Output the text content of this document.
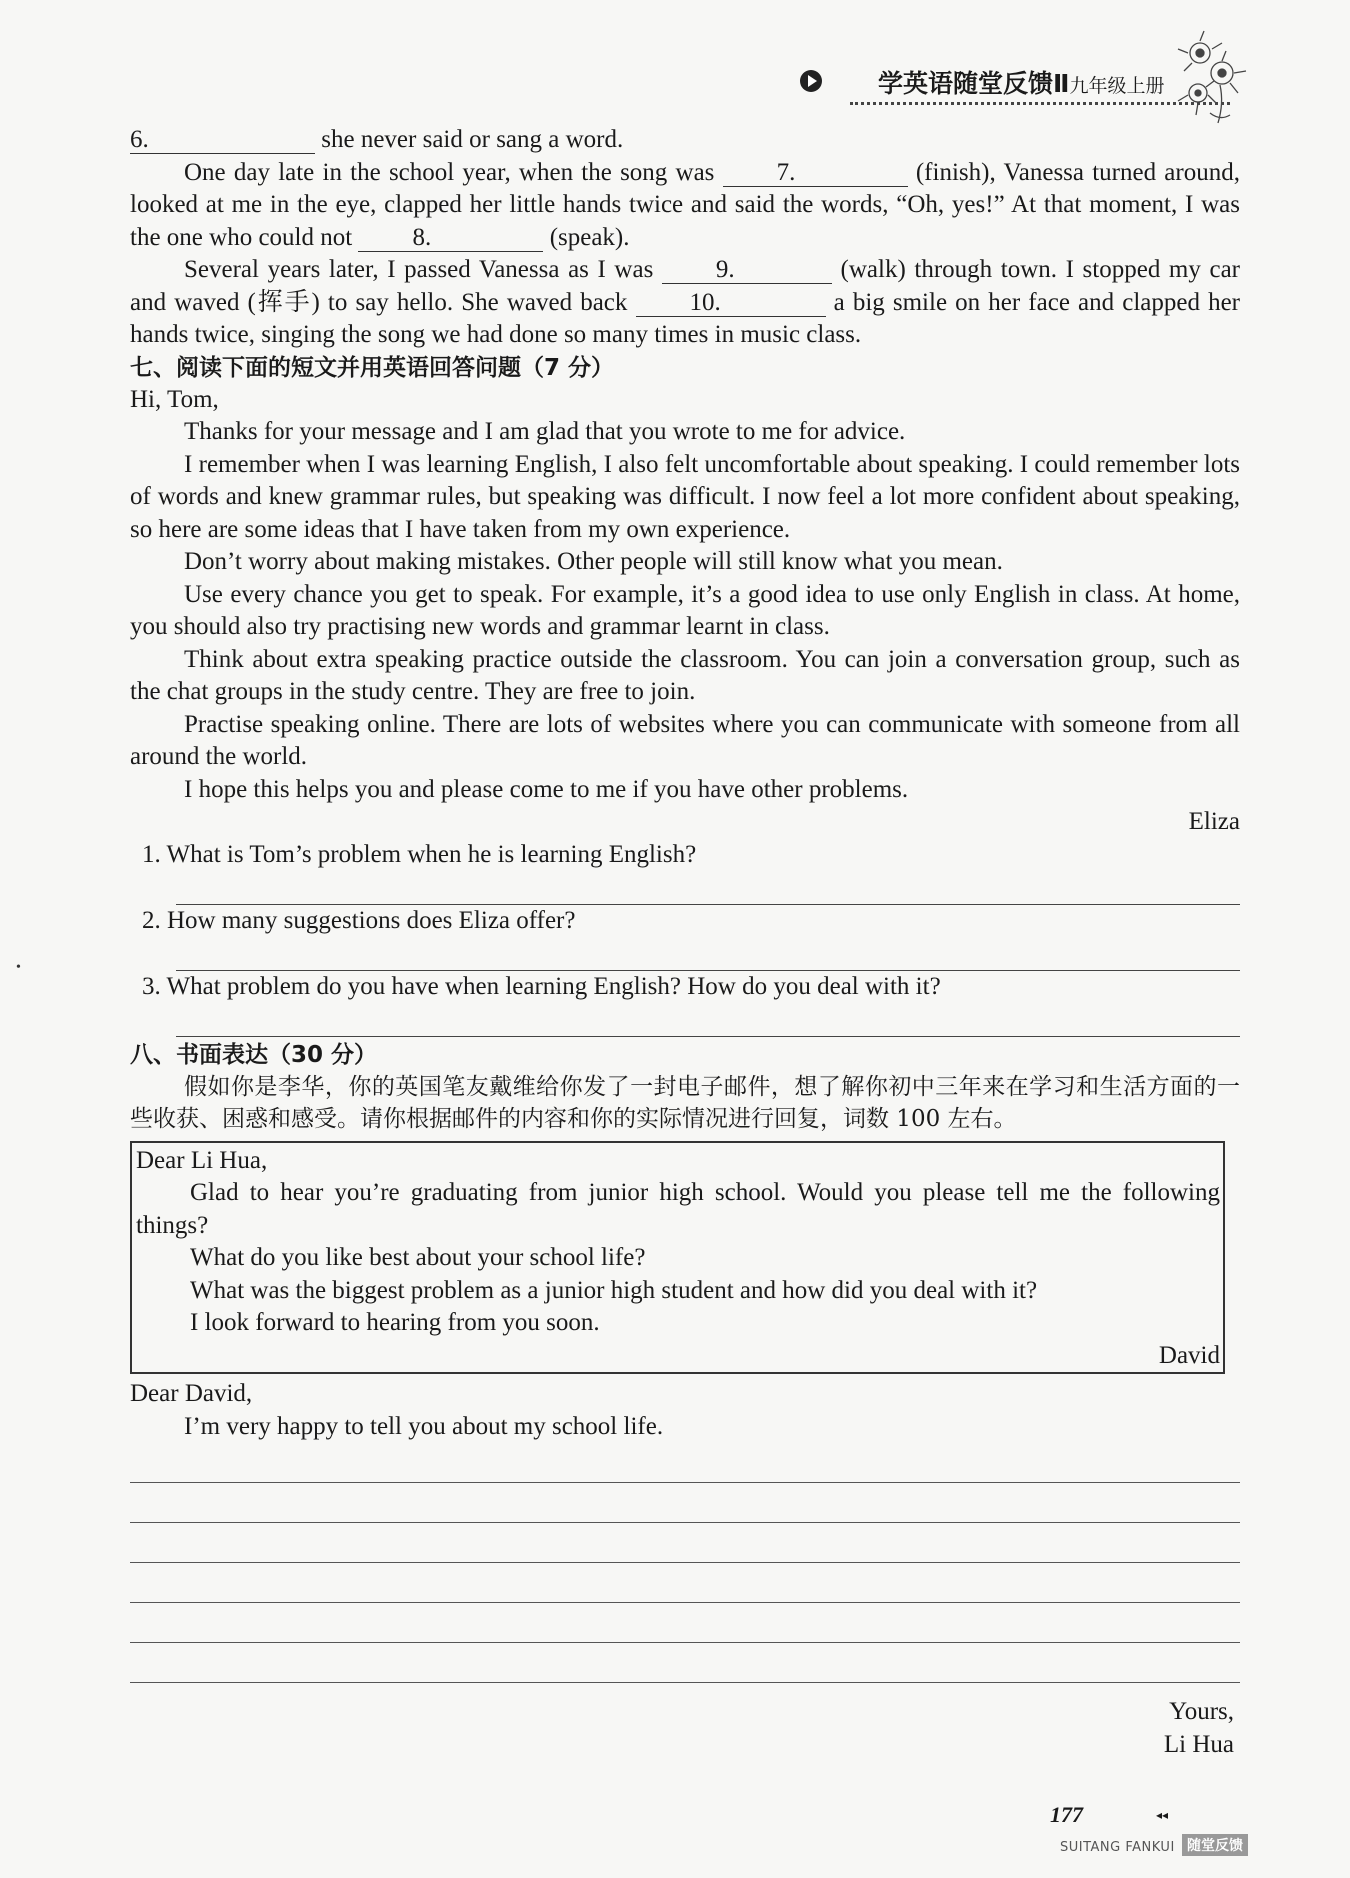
学英语随堂反馈Ⅱ九年级上册

6.	she never said or sang a word.

One day late in the school year, when the song was 7.	(finish), Vanessa turned around, looked at me in the eye, clapped her little hands twice and said the words, “Oh, yes!” At that moment, I was the one who could not 8.	(speak).

Several years later, I passed Vanessa as I was 9.	(walk) through town. I stopped my car and waved (挥手) to say hello. She waved back 10.	a big smile on her face and clapped her hands twice, singing the song we had done so many times in music class.

七、阅读下面的短文并用英语回答问题（7 分）

Hi, Tom,

Thanks for your message and I am glad that you wrote to me for advice.

I remember when I was learning English, I also felt uncomfortable about speaking. I could remember lots of words and knew grammar rules, but speaking was difficult. I now feel a lot more confident about speaking, so here are some ideas that I have taken from my own experience.

Don’t worry about making mistakes. Other people will still know what you mean.

Use every chance you get to speak. For example, it’s a good idea to use only English in class. At home, you should also try practising new words and grammar learnt in class.

Think about extra speaking practice outside the classroom. You can join a conversation group, such as the chat groups in the study centre. They are free to join.

Practise speaking online. There are lots of websites where you can communicate with someone from all around the world.

I hope this helps you and please come to me if you have other problems.

Eliza

1. What is Tom’s problem when he is learning English?

2. How many suggestions does Eliza offer?

3. What problem do you have when learning English? How do you deal with it?

八、书面表达（30 分）

假如你是李华，你的英国笔友戴维给你发了一封电子邮件，想了解你初中三年来在学习和生活方面的一些收获、困惑和感受。请你根据邮件的内容和你的实际情况进行回复，词数 100 左右。

Dear Li Hua,

Glad to hear you’re graduating from junior high school. Would you please tell me the following things?

What do you like best about your school life?

What was the biggest problem as a junior high student and how did you deal with it?

I look forward to hearing from you soon.

David

Dear David,

I’m very happy to tell you about my school life.

Yours,

Li Hua

•
177	◂◂
SUITANG FANKUI 随堂反馈
